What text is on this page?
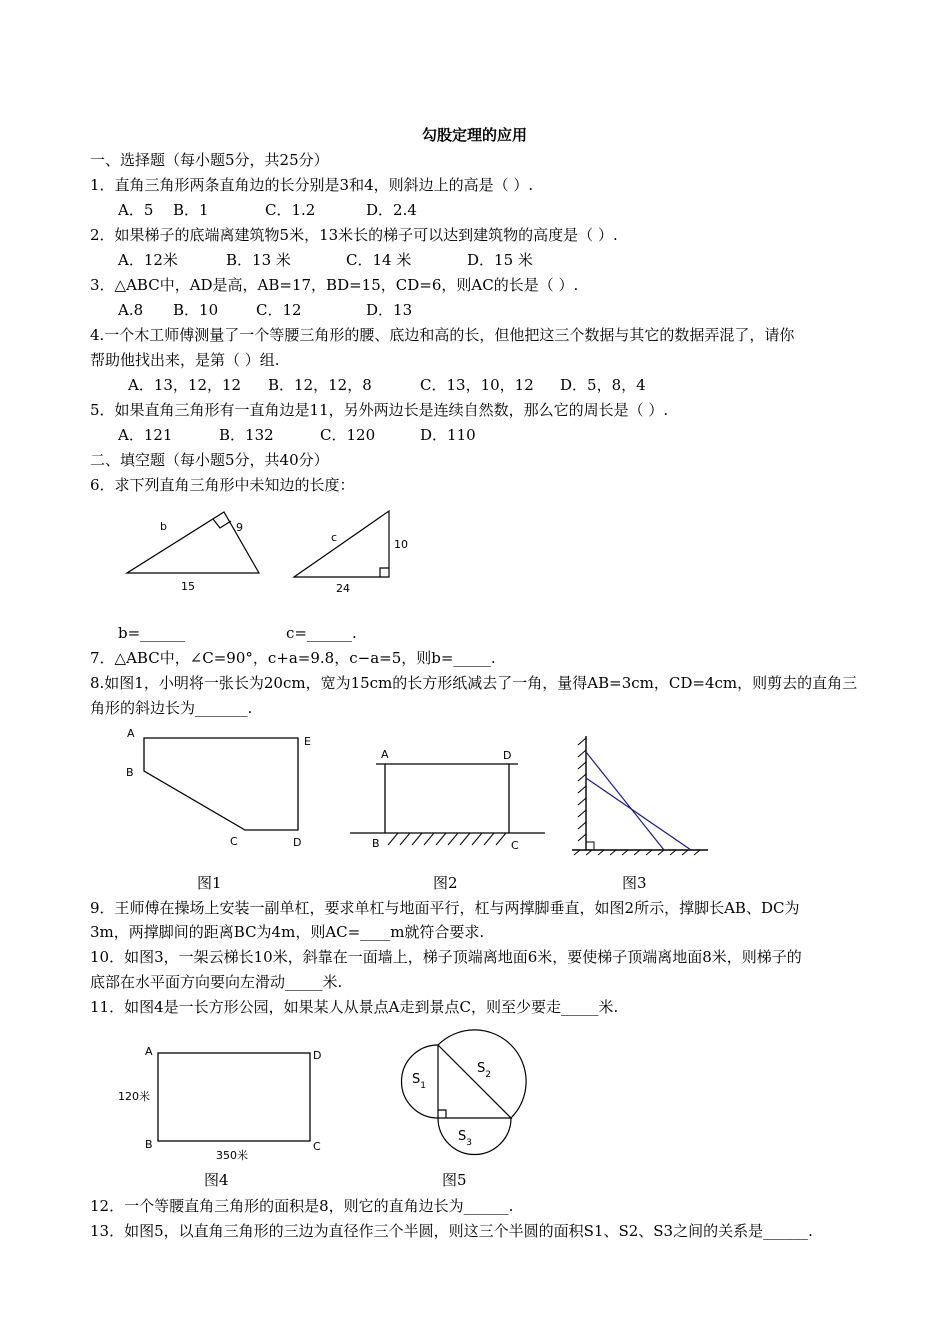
勾股定理的应用
一、选择题（每小题5分，共25分）
1．直角三角形两条直角边的长分别是3和4，则斜边上的高是（ ）.
A．5 B．1	C．1.2	D．2.4
2．如果梯子的底端离建筑物5米，13米长的梯子可以达到建筑物的高度是（ ）.
A．12米	B．13 米	C．14 米	D．15 米
3．△ABC中，AD是高，AB=17，BD=15，CD=6，则AC的长是（ ）.
A.8 B．10	C．12	D．13
4.一个木工师傅测量了一个等腰三角形的腰、底边和高的长，但他把这三个数据与其它的数据弄混了，请你
帮助他找出来，是第（ ）组.
A．13，12，12 B．12，12，8	C．13，10，12 D．5，8，4
5．如果直角三角形有一直角边是11，另外两边长是连续自然数，那么它的周长是（ ）.
A．121	B．132	C．120	D．110
二、填空题（每小题5分，共40分）
6．求下列直角三角形中未知边的长度：
b	9
15
c
10
24
b=______	c=______.
7．△ABC中，∠C=90°，c+a=9.8，c−a=5，则b=_____.
8.如图1，小明将一张长为20cm，宽为15cm的长方形纸减去了一角，量得AB=3cm，CD=4cm，则剪去的直角三
角形的斜边长为_______.
A
E
B
C	D
A	D
B	C
图1	图2	图3
9．王师傅在操场上安装一副单杠，要求单杠与地面平行，杠与两撑脚垂直，如图2所示，撑脚长AB、DC为
3m，两撑脚间的距离BC为4m，则AC=____m就符合要求.
10．如图3，一架云梯长10米，斜靠在一面墙上，梯子顶端离地面6米，要使梯子顶端离地面8米，则梯子的
底部在水平面方向要向左滑动_____米.
11．如图4是一长方形公园，如果某人从景点A走到景点C，则至少要走_____米.
A	D
B	C
120米
350米
$S_1$
$S_2$
$S_3$
图4	图5
12．一个等腰直角三角形的面积是8，则它的直角边长为______.
13．如图5，以直角三角形的三边为直径作三个半圆，则这三个半圆的面积S1、S2、S3之间的关系是______.
